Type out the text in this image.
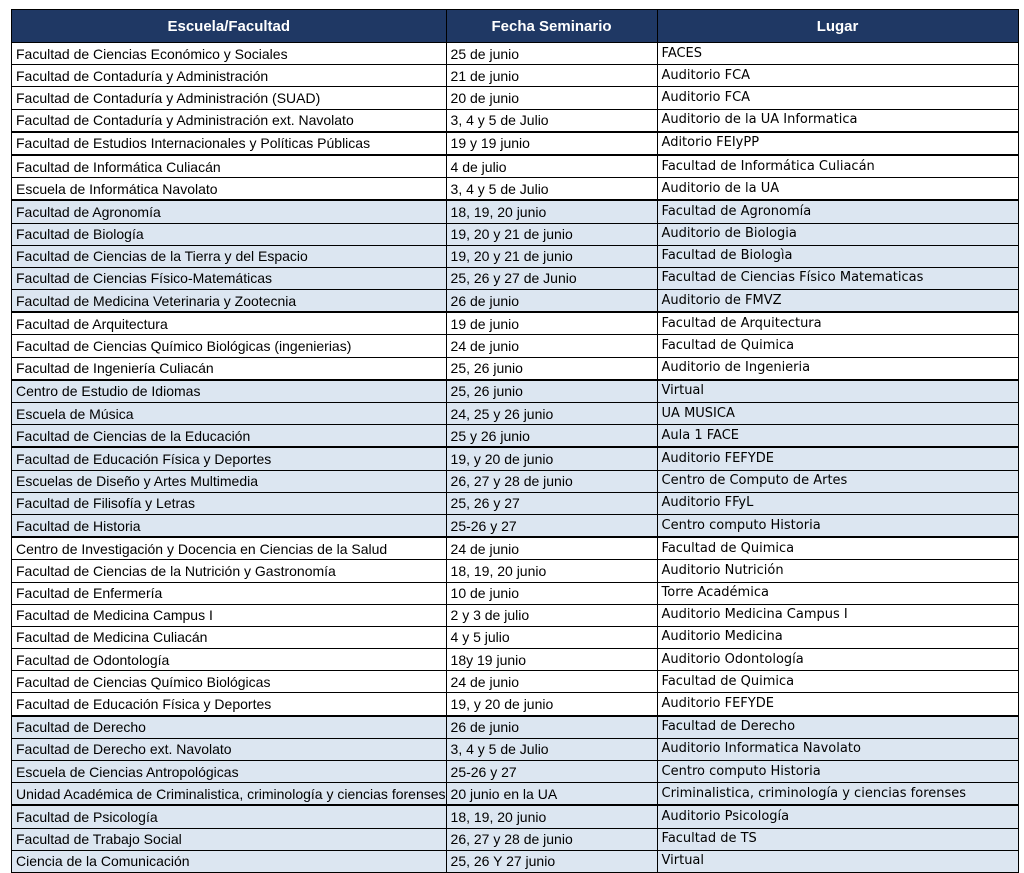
Escuela/Facultad	Fecha Seminario	Lugar
Facultad de Ciencias Económico y Sociales	25 de junio	FACES
Facultad de Contaduría y Administración	21 de junio	Auditorio FCA
Facultad de Contaduría y Administración (SUAD)	20 de junio	Auditorio FCA
Facultad de Contaduría y Administración ext. Navolato	3, 4 y 5 de Julio	Auditorio de la UA Informatica
Facultad de Estudios Internacionales y Políticas Públicas	19 y 19 junio	Aditorio FEIyPP
Facultad de Informática Culiacán	4 de julio	Facultad de Informática Culiacán
Escuela de Informática Navolato	3, 4 y 5 de Julio	Auditorio de la UA
Facultad de Agronomía	18, 19, 20 junio	Facultad de Agronomía
Facultad de Biología	19, 20 y 21 de junio	Auditorio de Biologia
Facultad de Ciencias de la Tierra y del Espacio	19, 20 y 21 de junio	Facultad de Biologìa
Facultad de Ciencias Físico-Matemáticas	25, 26 y 27 de Junio	Facultad de Ciencias Físico Matematicas
Facultad de Medicina Veterinaria y Zootecnia	26 de junio	Auditorio de FMVZ
Facultad de Arquitectura	19 de junio	Facultad de Arquitectura
Facultad de Ciencias Químico Biológicas (ingenierias)	24 de junio	Facultad de Quimica
Facultad de Ingeniería Culiacán	25, 26 junio	Auditorio de Ingenieria
Centro de Estudio de Idiomas	25, 26 junio	Virtual
Escuela de Música	24, 25 y 26 junio	UA MUSICA
Facultad de Ciencias de la Educación	25 y 26 junio	Aula 1 FACE
Facultad de Educación Física y Deportes	19, y 20 de junio	Auditorio FEFYDE
Escuelas de Diseño y Artes Multimedia	26, 27 y 28 de junio	Centro de Computo de Artes
Facultad de Filisofía y Letras	25, 26 y 27	Auditorio FFyL
Facultad de Historia	25-26 y 27	Centro computo Historia
Centro de Investigación y Docencia en Ciencias de la Salud	24 de junio	Facultad de Quimica
Facultad de Ciencias de la Nutrición y Gastronomía	18, 19, 20 junio	Auditorio Nutrición
Facultad de Enfermería	10 de junio	Torre Académica
Facultad de Medicina Campus I	2 y 3 de julio	Auditorio Medicina Campus I
Facultad de Medicina Culiacán	4 y 5 julio	Auditorio Medicina
Facultad de Odontología	18y 19 junio	Auditorio Odontología
Facultad de Ciencias Químico Biológicas	24 de junio	Facultad de Quimica
Facultad de Educación Física y Deportes	19, y 20 de junio	Auditorio FEFYDE
Facultad de Derecho	26 de junio	Facultad de Derecho
Facultad de Derecho ext. Navolato	3, 4 y 5 de Julio	Auditorio Informatica Navolato
Escuela de Ciencias Antropológicas	25-26 y 27	Centro computo Historia
Unidad Académica de Criminalistica, criminología y ciencias forenses	20 junio en la UA	Criminalistica, criminología y ciencias forenses
Facultad de Psicología	18, 19, 20 junio	Auditorio Psicología
Facultad de Trabajo Social	26, 27 y 28 de junio	Facultad de TS
Ciencia de la Comunicación	25, 26 Y 27 junio	Virtual
